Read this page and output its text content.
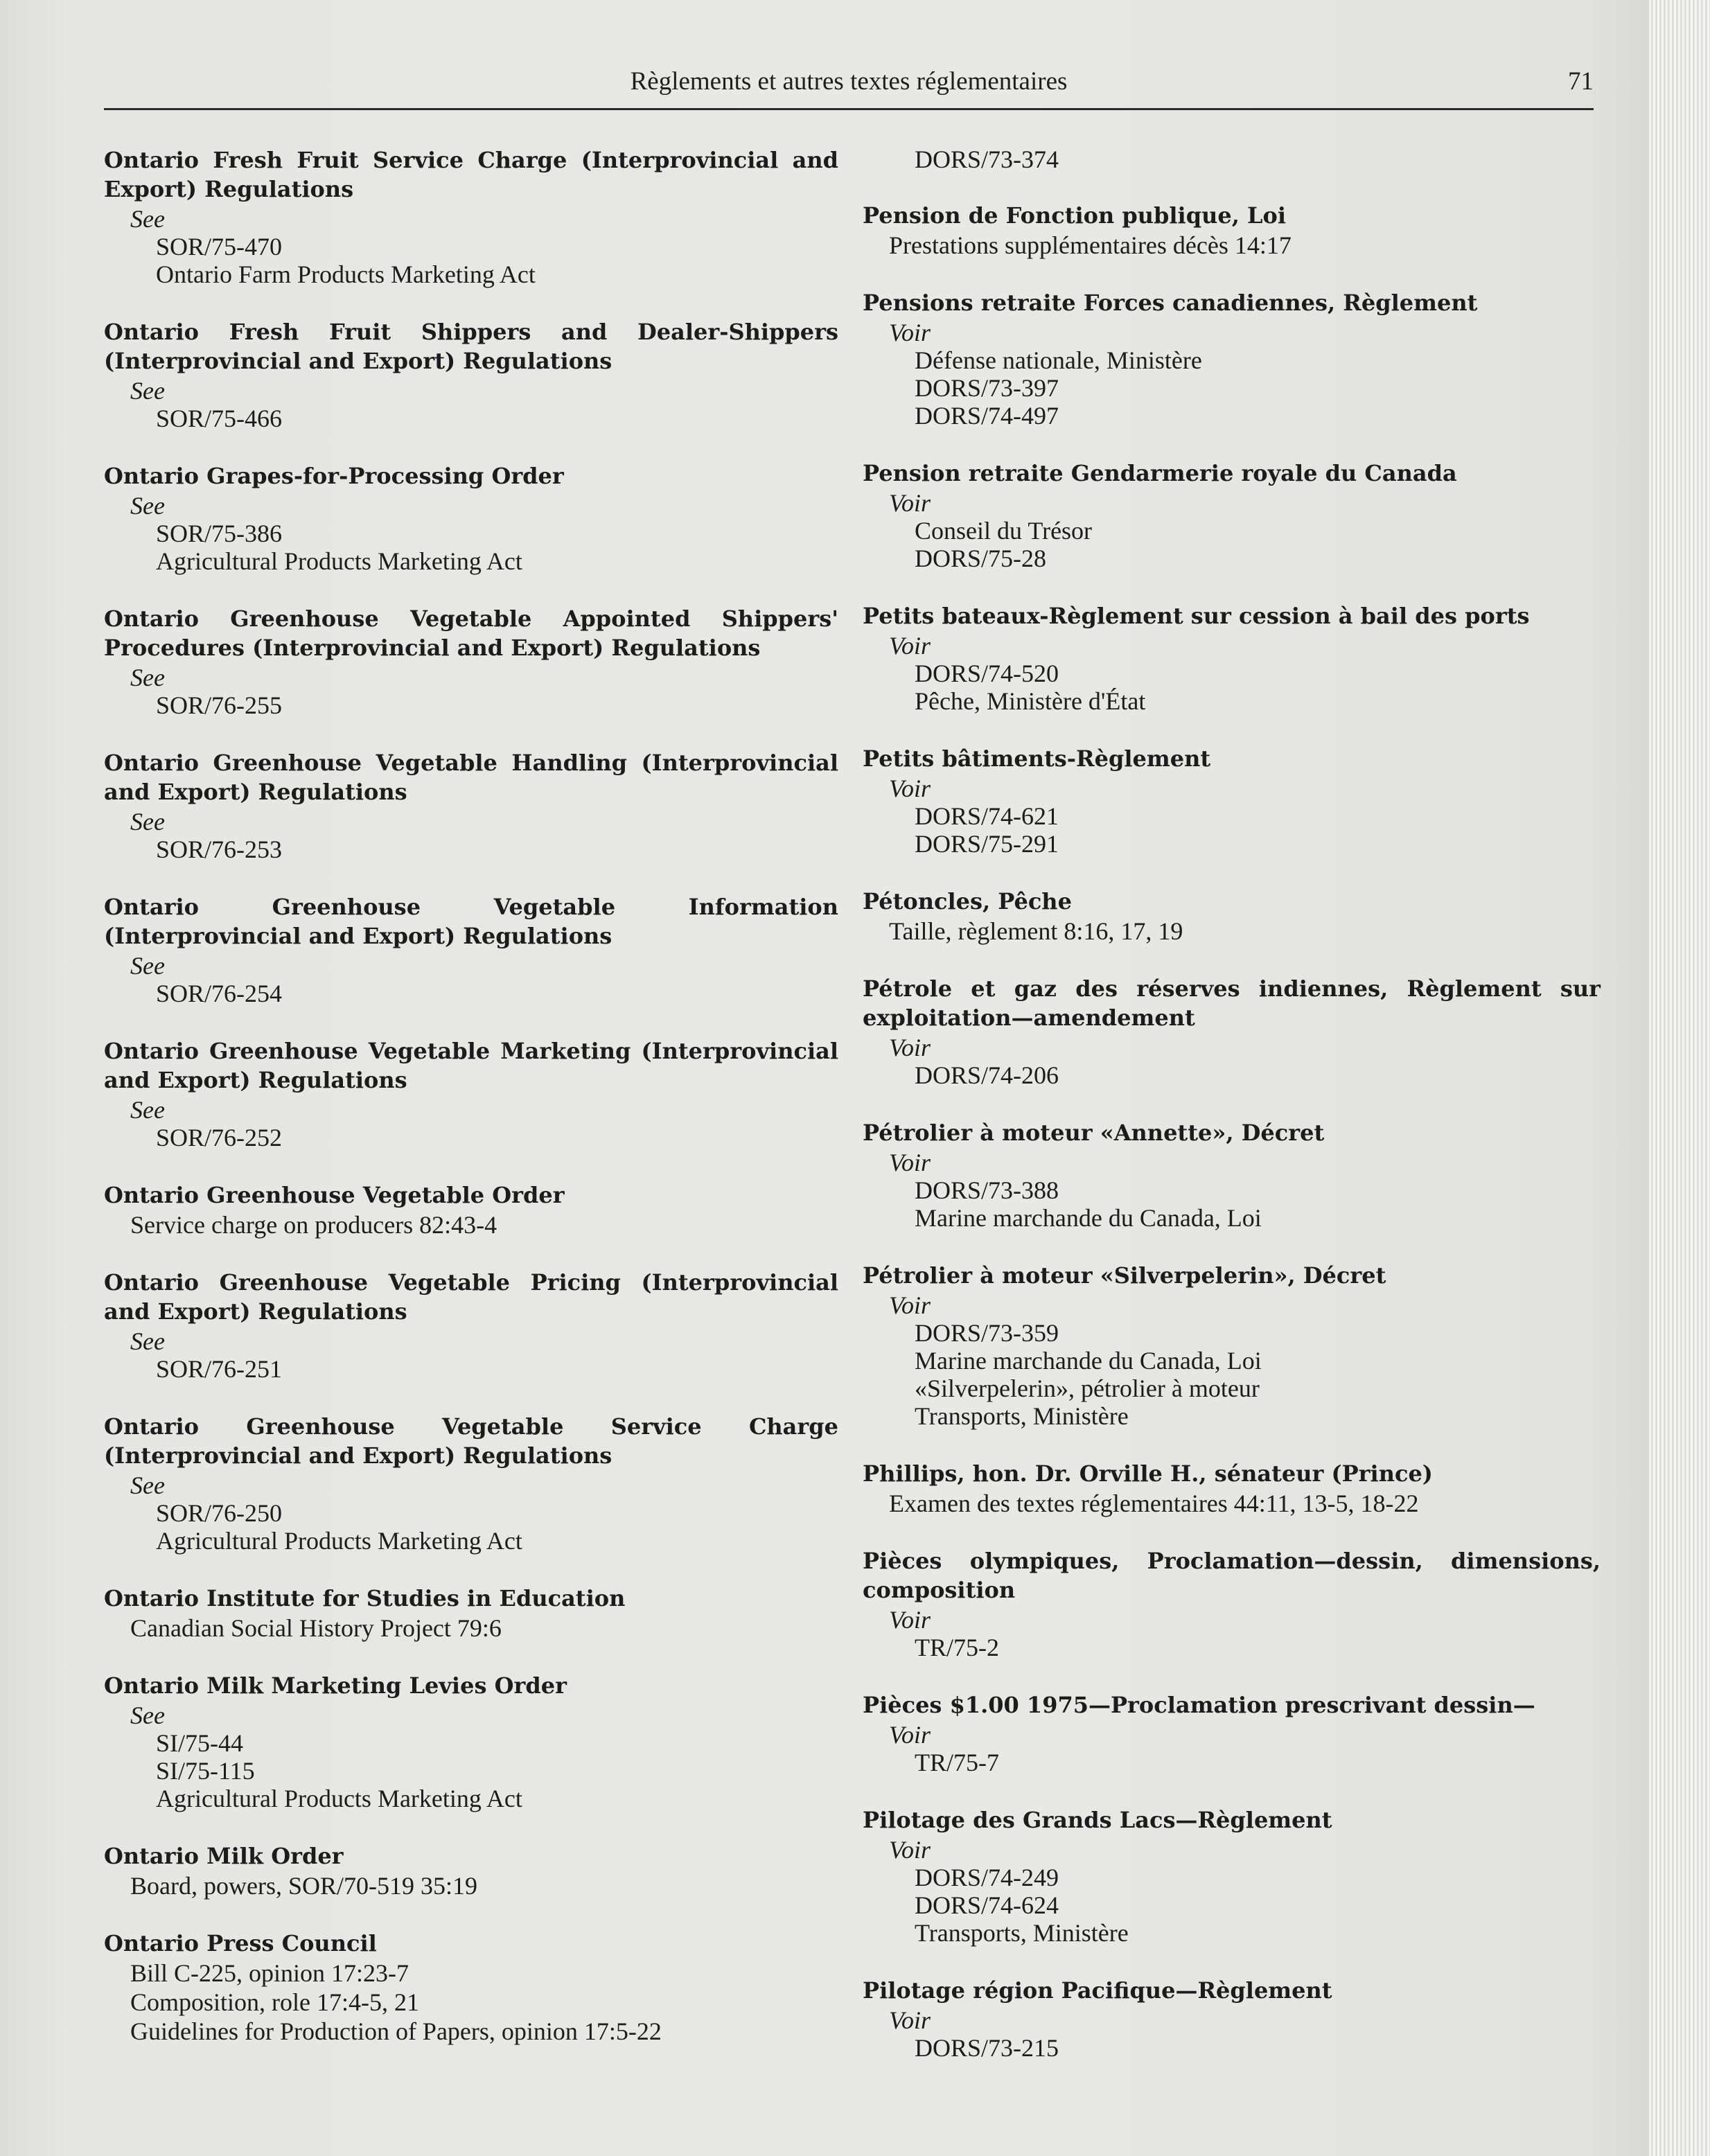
Règlements et autres textes réglementaires	71
Ontario Fresh Fruit Service Charge (Interprovincial and Export) Regulations
See
SOR/75-470
Ontario Farm Products Marketing Act
Ontario Fresh Fruit Shippers and Dealer-Shippers (Interprovincial and Export) Regulations
See
SOR/75-466
Ontario Grapes-for-Processing Order
See
SOR/75-386
Agricultural Products Marketing Act
Ontario Greenhouse Vegetable Appointed Shippers' Procedures (Interprovincial and Export) Regulations
See
SOR/76-255
Ontario Greenhouse Vegetable Handling (Interprovincial and Export) Regulations
See
SOR/76-253
Ontario Greenhouse Vegetable Information (Interprovincial and Export) Regulations
See
SOR/76-254
Ontario Greenhouse Vegetable Marketing (Interprovincial and Export) Regulations
See
SOR/76-252
Ontario Greenhouse Vegetable Order
Service charge on producers 82:43-4
Ontario Greenhouse Vegetable Pricing (Interprovincial and Export) Regulations
See
SOR/76-251
Ontario Greenhouse Vegetable Service Charge (Interprovincial and Export) Regulations
See
SOR/76-250
Agricultural Products Marketing Act
Ontario Institute for Studies in Education
Canadian Social History Project 79:6
Ontario Milk Marketing Levies Order
See
SI/75-44
SI/75-115
Agricultural Products Marketing Act
Ontario Milk Order
Board, powers, SOR/70-519 35:19
Ontario Press Council
Bill C-225, opinion 17:23-7
Composition, role 17:4-5, 21
Guidelines for Production of Papers, opinion 17:5-22
DORS/73-374
Pension de Fonction publique, Loi
Prestations supplémentaires décès 14:17
Pensions retraite Forces canadiennes, Règlement
Voir
Défense nationale, Ministère
DORS/73-397
DORS/74-497
Pension retraite Gendarmerie royale du Canada
Voir
Conseil du Trésor
DORS/75-28
Petits bateaux-Règlement sur cession à bail des ports
Voir
DORS/74-520
Pêche, Ministère d'État
Petits bâtiments-Règlement
Voir
DORS/74-621
DORS/75-291
Pétoncles, Pêche
Taille, règlement 8:16, 17, 19
Pétrole et gaz des réserves indiennes, Règlement sur exploitation—amendement
Voir
DORS/74-206
Pétrolier à moteur «Annette», Décret
Voir
DORS/73-388
Marine marchande du Canada, Loi
Pétrolier à moteur «Silverpelerin», Décret
Voir
DORS/73-359
Marine marchande du Canada, Loi
«Silverpelerin», pétrolier à moteur
Transports, Ministère
Phillips, hon. Dr. Orville H., sénateur (Prince)
Examen des textes réglementaires 44:11, 13-5, 18-22
Pièces olympiques, Proclamation—dessin, dimensions, composition
Voir
TR/75-2
Pièces $1.00 1975—Proclamation prescrivant dessin—
Voir
TR/75-7
Pilotage des Grands Lacs—Règlement
Voir
DORS/74-249
DORS/74-624
Transports, Ministère
Pilotage région Pacifique—Règlement
Voir
DORS/73-215
